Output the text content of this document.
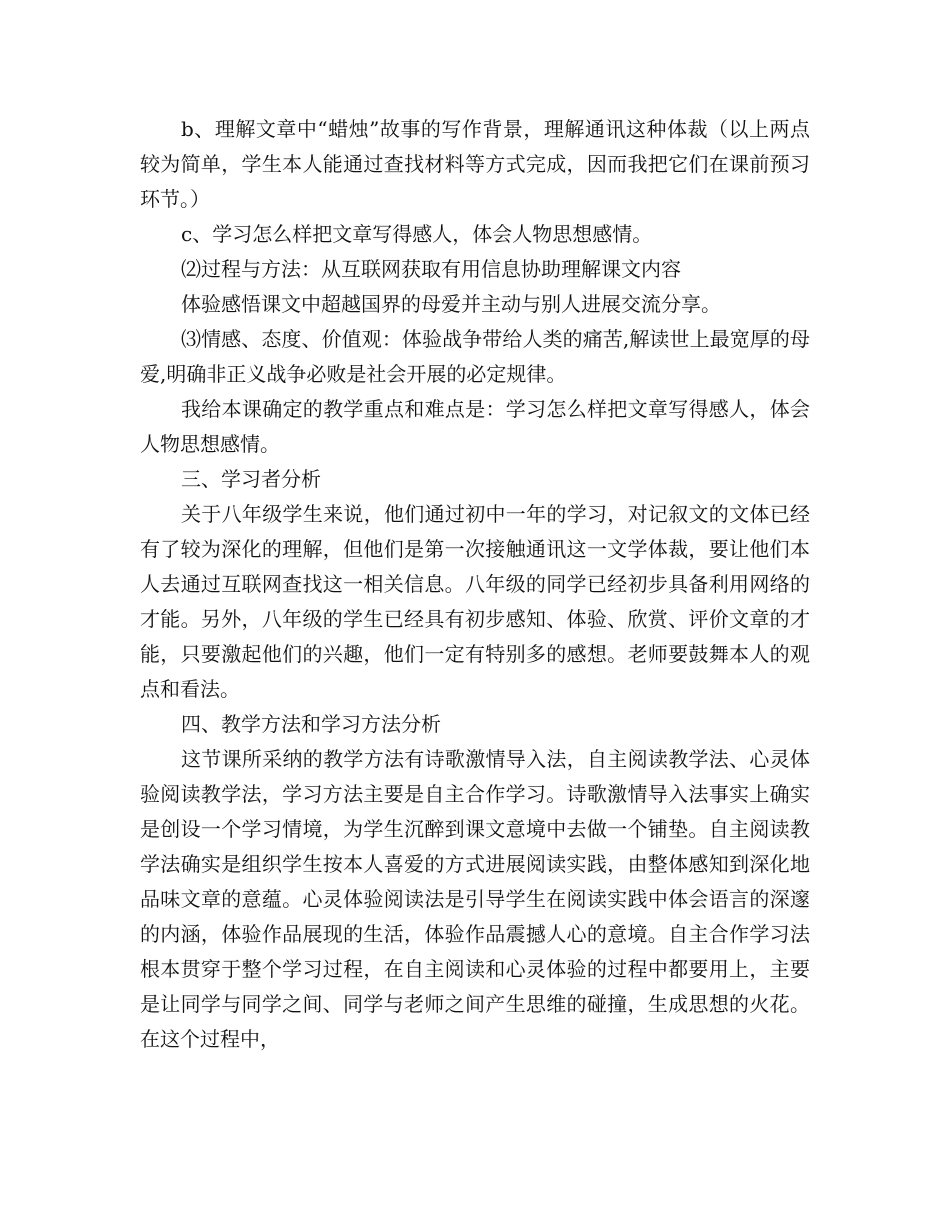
b、理解文章中“蜡烛”故事的写作背景，理解通讯这种体裁（以上两点较为简单，学生本人能通过查找材料等方式完成，因而我把它们在课前预习环节。）

c、学习怎么样把文章写得感人，体会人物思想感情。

⑵过程与方法：从互联网获取有用信息协助理解课文内容

体验感悟课文中超越国界的母爱并主动与别人进展交流分享。

⑶情感、态度、价值观：体验战争带给人类的痛苦,解读世上最宽厚的母爱,明确非正义战争必败是社会开展的必定规律。

我给本课确定的教学重点和难点是：学习怎么样把文章写得感人，体会人物思想感情。

三、学习者分析

关于八年级学生来说，他们通过初中一年的学习，对记叙文的文体已经有了较为深化的理解，但他们是第一次接触通讯这一文学体裁，要让他们本人去通过互联网查找这一相关信息。八年级的同学已经初步具备利用网络的才能。另外，八年级的学生已经具有初步感知、体验、欣赏、评价文章的才能，只要激起他们的兴趣，他们一定有特别多的感想。老师要鼓舞本人的观点和看法。

四、教学方法和学习方法分析

这节课所采纳的教学方法有诗歌激情导入法，自主阅读教学法、心灵体验阅读教学法，学习方法主要是自主合作学习。诗歌激情导入法事实上确实是创设一个学习情境，为学生沉醉到课文意境中去做一个铺垫。自主阅读教学法确实是组织学生按本人喜爱的方式进展阅读实践，由整体感知到深化地品味文章的意蕴。心灵体验阅读法是引导学生在阅读实践中体会语言的深邃的内涵，体验作品展现的生活，体验作品震撼人心的意境。自主合作学习法根本贯穿于整个学习过程，在自主阅读和心灵体验的过程中都要用上，主要是让同学与同学之间、同学与老师之间产生思维的碰撞，生成思想的火花。在这个过程中，
